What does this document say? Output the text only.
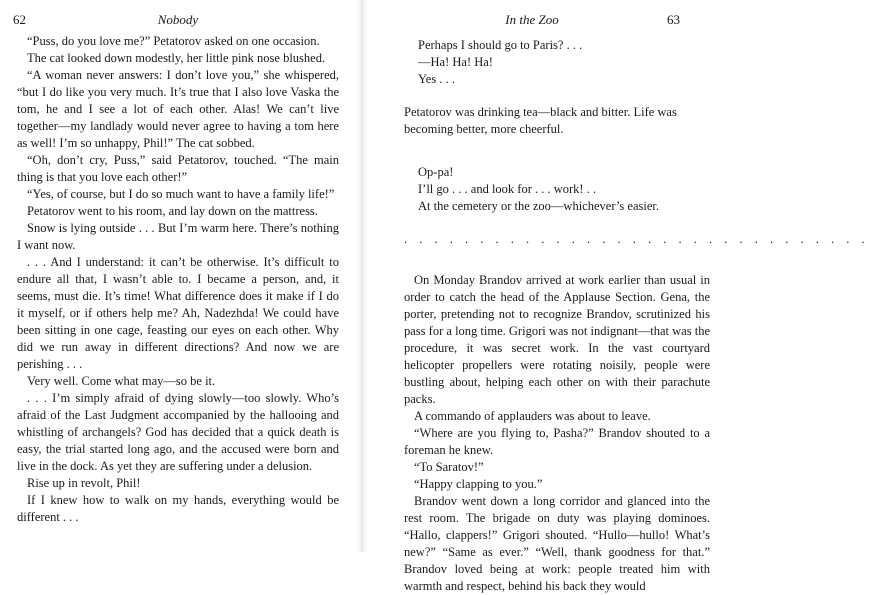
62	Nobody

“Puss, do you love me?” Petatorov asked on one occasion.

The cat looked down modestly, her little pink nose blushed.

“A woman never answers: I don’t love you,” she whispered, “but I do like you very much. It’s true that I also love Vaska the tom, he and I see a lot of each other. Alas! We can’t live together—my landlady would never agree to having a tom here as well! I’m so unhappy, Phil!” The cat sobbed.

“Oh, don’t cry, Puss,” said Petatorov, touched. “The main thing is that you love each other!”

“Yes, of course, but I do so much want to have a family life!”

Petatorov went to his room, and lay down on the mattress.

Snow is lying outside . . . But I’m warm here. There’s nothing I want now.

. . . And I understand: it can’t be otherwise. It’s difficult to endure all that, I wasn’t able to. I became a person, and, it seems, must die. It’s time! What difference does it make if I do it myself, or if others help me? Ah, Nadezhda! We could have been sitting in one cage, feasting our eyes on each other. Why did we run away in different directions? And now we are perishing . . .

Very well. Come what may—so be it.

. . . I’m simply afraid of dying slowly—too slowly. Who’s afraid of the Last Judgment accompanied by the hallooing and whistling of archangels? God has decided that a quick death is easy, the trial started long ago, and the accused were born and live in the dock. As yet they are suffering under a delusion.

Rise up in revolt, Phil!

If I knew how to walk on my hands, everything would be different . . .

In the Zoo	63

Perhaps I should go to Paris? . . .

—Ha! Ha! Ha!

Yes . . .

Petatorov was drinking tea—black and bitter. Life was becoming better, more cheerful.

Op-pa!

I’ll go . . . and look for . . . work! . .

At the cemetery or the zoo—whichever’s easier.

. . . . . . . . . . . . . . . . . . . . . . . . . . . . . . .

On Monday Brandov arrived at work earlier than usual in order to catch the head of the Applause Section. Gena, the porter, pretending not to recognize Brandov, scrutinized his pass for a long time. Grigori was not indignant—that was the procedure, it was secret work. In the vast courtyard helicopter propellers were rotating noisily, people were bustling about, helping each other on with their parachute packs.

A commando of applauders was about to leave.

“Where are you flying to, Pasha?” Brandov shouted to a foreman he knew.

“To Saratov!”

“Happy clapping to you.”

Brandov went down a long corridor and glanced into the rest room. The brigade on duty was playing dominoes. “Hallo, clappers!” Grigori shouted. “Hullo—hullo! What’s new?” “Same as ever.” “Well, thank goodness for that.” Brandov loved being at work: people treated him with warmth and respect, behind his back they would
